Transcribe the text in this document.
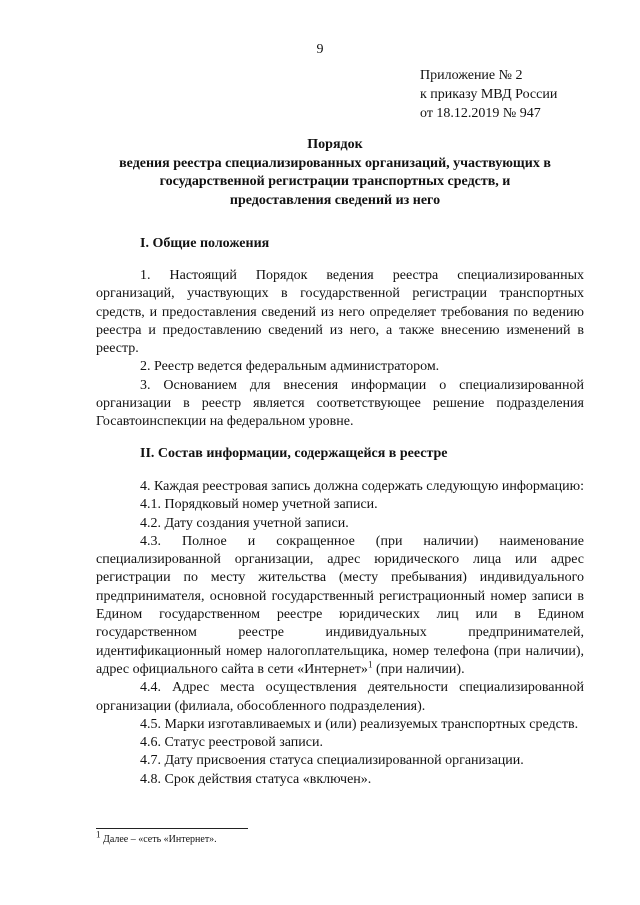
9
Приложение № 2
к приказу МВД России
от 18.12.2019 № 947
Порядок
ведения реестра специализированных организаций, участвующих в
государственной регистрации транспортных средств, и
предоставления сведений из него
I. Общие положения

1. Настоящий Порядок ведения реестра специализированных организаций, участвующих в государственной регистрации транспортных средств, и предоставления сведений из него определяет требования по ведению реестра и предоставлению сведений из него, а также внесению изменений в реестр.

2. Реестр ведется федеральным администратором.

3. Основанием для внесения информации о специализированной организации в реестр является соответствующее решение подразделения Госавтоинспекции на федеральном уровне.

II. Состав информации, содержащейся в реестре

4. Каждая реестровая запись должна содержать следующую информацию:

4.1. Порядковый номер учетной записи.

4.2. Дату создания учетной записи.

4.3. Полное и сокращенное (при наличии) наименование специализированной организации, адрес юридического лица или адрес регистрации по месту жительства (месту пребывания) индивидуального предпринимателя, основной государственный регистрационный номер записи в Едином государственном реестре юридических лиц или в Едином государственном реестре индивидуальных предпринимателей, идентификационный номер налогоплательщика, номер телефона (при наличии), адрес официального сайта в сети «Интернет»$^1$ (при наличии).

4.4. Адрес места осуществления деятельности специализированной организации (филиала, обособленного подразделения).

4.5. Марки изготавливаемых и (или) реализуемых транспортных средств.

4.6. Статус реестровой записи.

4.7. Дату присвоения статуса специализированной организации.

4.8. Срок действия статуса «включен».

1 Далее – «сеть «Интернет».
